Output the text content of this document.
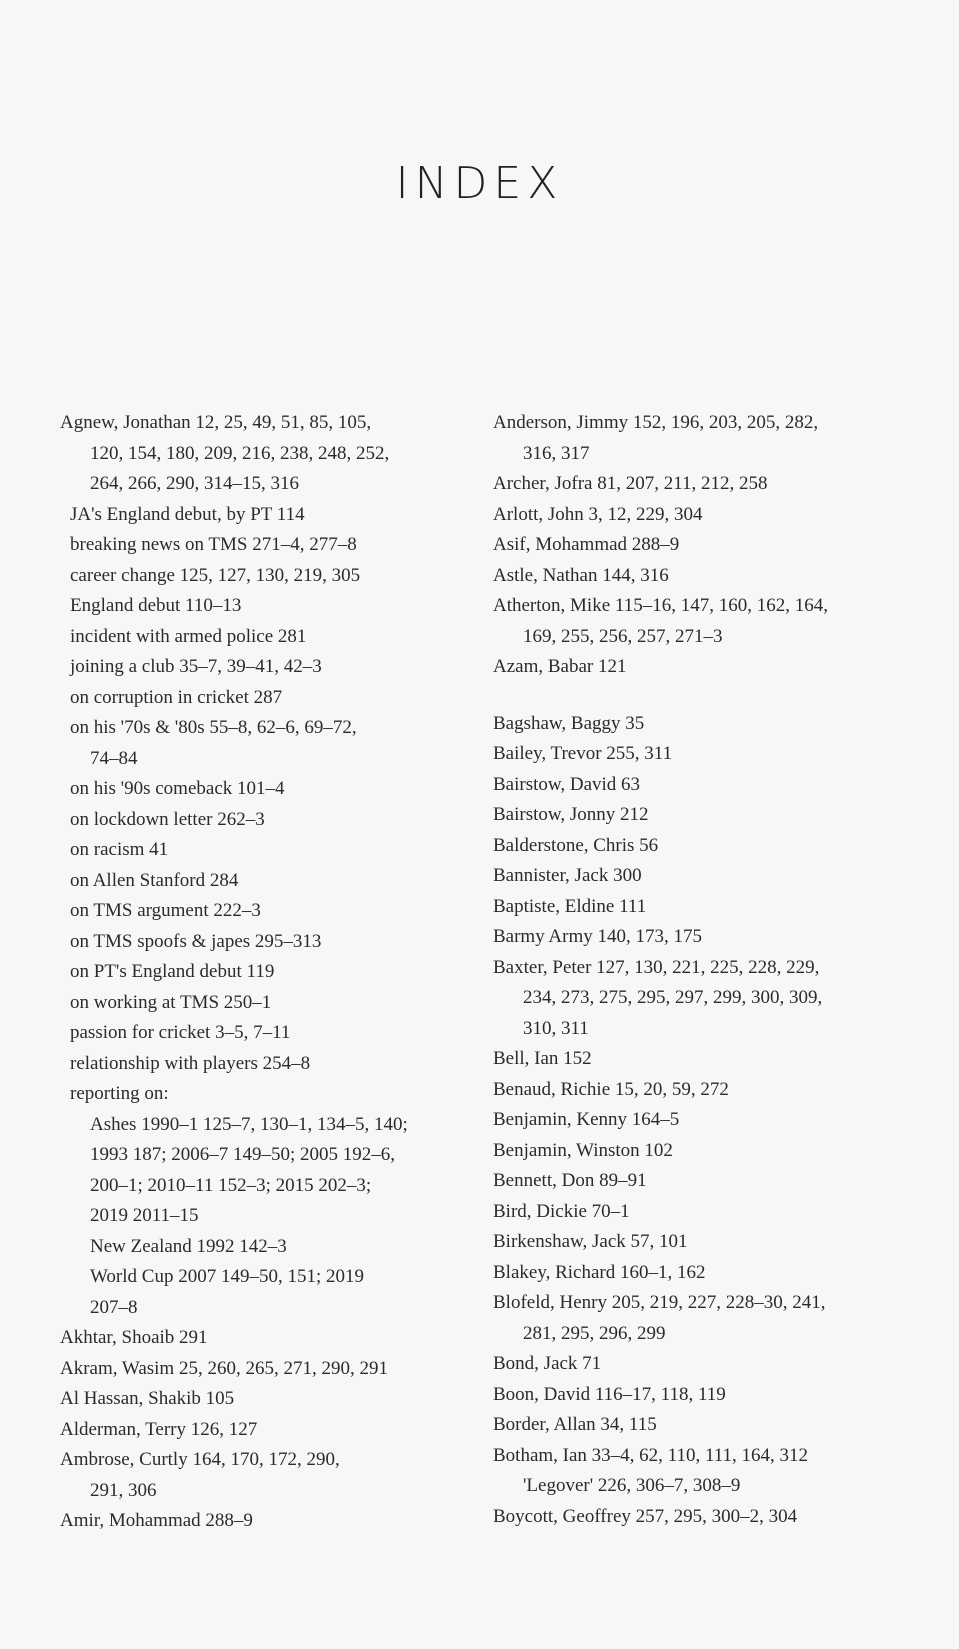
INDEX
Agnew, Jonathan 12, 25, 49, 51, 85, 105,
120, 154, 180, 209, 216, 238, 248, 252,
264, 266, 290, 314–15, 316
JA's England debut, by PT 114
breaking news on TMS 271–4, 277–8
career change 125, 127, 130, 219, 305
England debut 110–13
incident with armed police 281
joining a club 35–7, 39–41, 42–3
on corruption in cricket 287
on his '70s & '80s 55–8, 62–6, 69–72,
74–84
on his '90s comeback 101–4
on lockdown letter 262–3
on racism 41
on Allen Stanford 284
on TMS argument 222–3
on TMS spoofs & japes 295–313
on PT's England debut 119
on working at TMS 250–1
passion for cricket 3–5, 7–11
relationship with players 254–8
reporting on:
Ashes 1990–1 125–7, 130–1, 134–5, 140;
1993 187; 2006–7 149–50; 2005 192–6,
200–1; 2010–11 152–3; 2015 202–3;
2019 2011–15
New Zealand 1992 142–3
World Cup 2007 149–50, 151; 2019
207–8
Akhtar, Shoaib 291
Akram, Wasim 25, 260, 265, 271, 290, 291
Al Hassan, Shakib 105
Alderman, Terry 126, 127
Ambrose, Curtly 164, 170, 172, 290,
291, 306
Amir, Mohammad 288–9
Anderson, Jimmy 152, 196, 203, 205, 282,
316, 317
Archer, Jofra 81, 207, 211, 212, 258
Arlott, John 3, 12, 229, 304
Asif, Mohammad 288–9
Astle, Nathan 144, 316
Atherton, Mike 115–16, 147, 160, 162, 164,
169, 255, 256, 257, 271–3
Azam, Babar 121
Bagshaw, Baggy 35
Bailey, Trevor 255, 311
Bairstow, David 63
Bairstow, Jonny 212
Balderstone, Chris 56
Bannister, Jack 300
Baptiste, Eldine 111
Barmy Army 140, 173, 175
Baxter, Peter 127, 130, 221, 225, 228, 229,
234, 273, 275, 295, 297, 299, 300, 309,
310, 311
Bell, Ian 152
Benaud, Richie 15, 20, 59, 272
Benjamin, Kenny 164–5
Benjamin, Winston 102
Bennett, Don 89–91
Bird, Dickie 70–1
Birkenshaw, Jack 57, 101
Blakey, Richard 160–1, 162
Blofeld, Henry 205, 219, 227, 228–30, 241,
281, 295, 296, 299
Bond, Jack 71
Boon, David 116–17, 118, 119
Border, Allan 34, 115
Botham, Ian 33–4, 62, 110, 111, 164, 312
'Legover' 226, 306–7, 308–9
Boycott, Geoffrey 257, 295, 300–2, 304
